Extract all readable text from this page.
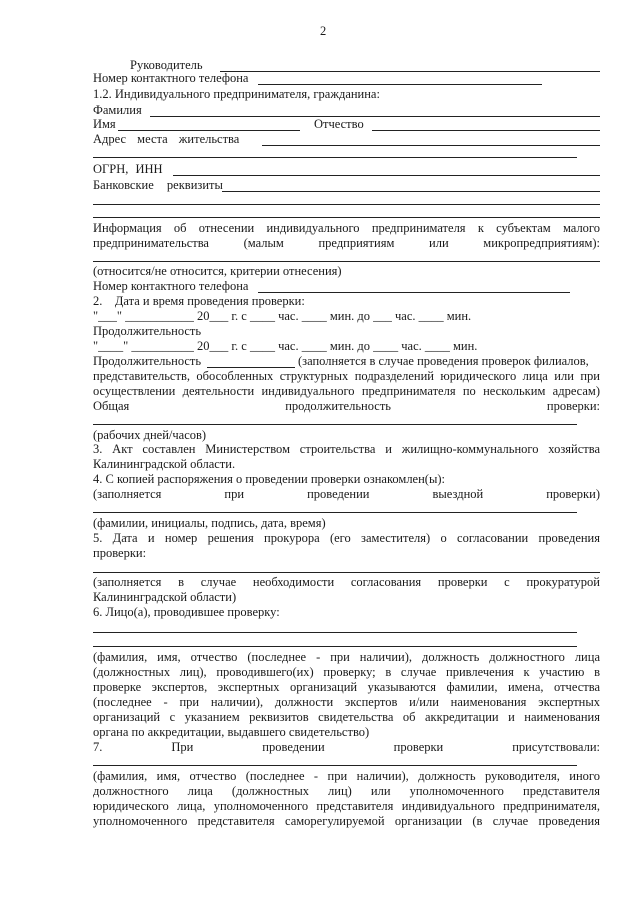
2
Руководитель
Номер контактного телефона
1.2. Индивидуального предпринимателя, гражданина:
Фамилия
Имя	Отчество
Адрес места жительства
ОГРН, ИНН
Банковские реквизиты
Информация об отнесении индивидуального предпринимателя к субъектам малого
предпринимательства (малым предприятиям или микропредприятиям):
(относится/не относится, критерии отнесения)
Номер контактного телефона
2.    Дата и время проведения проверки:
"___" ___________ 20___ г. с ____ час. ____ мин. до ___ час. ____ мин.
Продолжительность
"____" __________ 20___ г. с ____ час. ____ мин. до ____ час. ____ мин.
Продолжительность	(заполняется в случае проведения проверок филиалов,
представительств, обособленных структурных подразделений юридического лица или при
осуществлении деятельности индивидуального предпринимателя по нескольким адресам)
Общая продолжительность проверки:
(рабочих дней/часов)
3. Акт составлен Министерством строительства и жилищно-коммунального хозяйства
Калининградской области.
4. С копией распоряжения о проведении проверки ознакомлен(ы):
(заполняется при проведении выездной проверки)
(фамилии, инициалы, подпись, дата, время)
5. Дата и номер решения прокурора (его заместителя) о согласовании проведения
проверки:
(заполняется в случае необходимости согласования проверки с прокуратурой
Калининградской области)
6. Лицо(а), проводившее проверку:
(фамилия, имя, отчество (последнее - при наличии), должность должностного лица
(должностных лиц), проводившего(их) проверку; в случае привлечения к участию в
проверке экспертов, экспертных организаций указываются фамилии, имена, отчества
(последнее - при наличии), должности экспертов и/или наименования экспертных
организаций с указанием реквизитов свидетельства об аккредитации и наименования
органа по аккредитации, выдавшего свидетельство)
7. При проведении проверки присутствовали:
(фамилия, имя, отчество (последнее - при наличии), должность руководителя, иного
должностного лица (должностных лиц) или уполномоченного представителя
юридического лица, уполномоченного представителя индивидуального предпринимателя,
уполномоченного представителя саморегулируемой организации (в случае проведения
